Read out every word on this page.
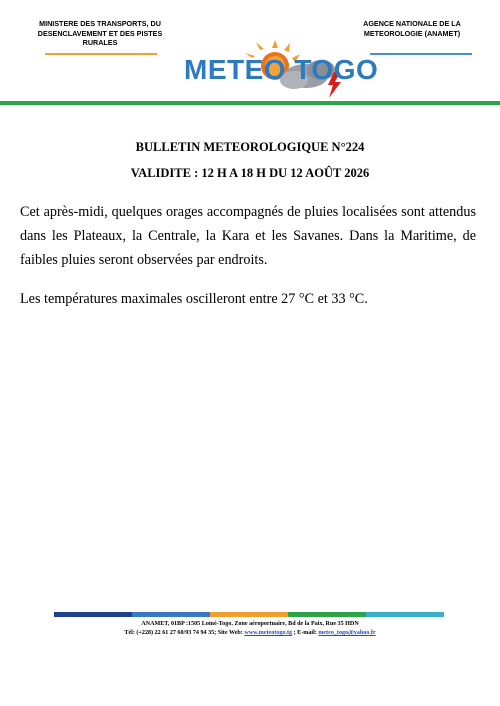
MINISTERE DES TRANSPORTS, DU
DESENCLAVEMENT ET DES PISTES
RURALES
AGENCE NATIONALE DE LA
METEOROLOGIE (ANAMET)
METEO TOGO
BULLETIN METEOROLOGIQUE N°224
VALIDITE : 12 H A 18 H DU 12 AOÛT 2026

Cet après-midi, quelques orages accompagnés de pluies localisées sont attendus dans les Plateaux, la Centrale, la Kara et les Savanes. Dans la Maritime, de faibles pluies seront observées par endroits.

Les températures maximales oscilleront entre 27 °C et 33 °C.

ANAMET, 01BP :1505 Lomé-Togo, Zone aéroportuaire, Bd de la Paix, Rue 35 HDN
Tél: (+228) 22 61 27 60/93 74 94 35; Site Web: www.meteotogo.tg ; E-mail: meteo_togo@yahoo.fr
